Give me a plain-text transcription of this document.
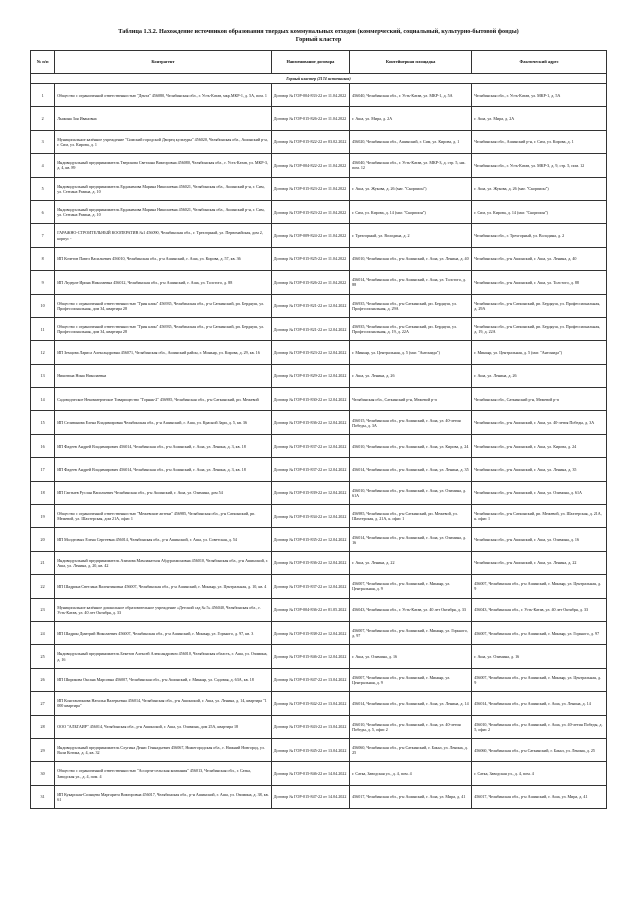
Таблица 1.3.2. Нахождение источников образования твердых коммунальных отходов (коммерческий, социальный, культурно-бытовой фонды)
Горный кластер
№ п/п	Контрагент	Наименование договора	Контейнерная площадка	Фактический адрес
Горный кластер (2174 источников)				
1	Общество с ограниченной ответственностью "Дента" 456080, Челябинская обл., г. Усть-Катав, мкр.МКР-1, д. 5А, пом. 1	Договор № ГОР-004-833-22 от 11.04.2022	456040, Челябинская обл., г. Усть-Катав, ул. МКР-1, д. 5А	Челябинская обл., г. Усть-Катав, ул. МКР-1, д. 5А
2	Лыжина Зоя Ивановна	Договор № ГОР-015-826-22 от 11.04.2022	г. Аша, ул. Мира, д. 2А	г. Аша, ул. Мира, д. 2А
3	Муниципальное казённое учреждение "Симский городской Дворец культуры" 456020, Челябинская обл., Ашинский р-н, г. Сим, ул. Кирова, д. 1	Договор № ГОР-015-822-22 от 03.02.2022	456020, Челябинская обл., Ашинский, г. Сим, ул. Кирова, д. 1	Челябинская обл., Ашинский р-н, г. Сим, ул. Кирова, д. 1
4	Индивидуальный предприниматель Тверскова Светлана Викторовна 456080, Челябинская обл., г. Усть-Катав, ул. МКР-3, д. 4, кв. 89	Договор № ГОР-004-822-22 от 11.04.2022	456040, Челябинская обл., г. Усть-Катав, ул. МКР-3, д. стр. 5, нж. пом. 12	Челябинская обл., г. Усть-Катав, ул. МКР-3, д. 9, стр. 5, пом. 12
5	Индивидуальный предприниматель Ердакимова Марина Николаевна 456021, Челябинская обл., Ашинский р-н, г. Сим, ул. Степана Разина, д. 10	Договор № ГОР-015-823-22 от 11.04.2022	г. Аша, ул. Жукова, д. 26 (маг. "Скорпион")	г. Аша, ул. Жукова, д. 26 (маг. "Скорпион")
6	Индивидуальный предприниматель Ердакимова Марина Николаевна 456021, Челябинская обл., Ашинский р-н, г. Сим, ул. Степана Разина, д. 10	Договор № ГОР-015-823-22 от 11.04.2022	г. Сим, ул. Кирова, д. 14 (маг. "Скорпион")	г. Сим, ул. Кирова, д. 14 (маг. "Скорпион")
7	ГАРАЖНО-СТРОИТЕЛЬНЫЙ КООПЕРАТИВ №1 456090, Челябинская обл., г. Трехгорный, ул. Первомайская, дом 2, корпус -	Договор № ГОР-009-824-22 от 11.04.2022	г. Трехгорный, ул. Володина, д. 2	Челябинская обл., г. Трехгорный, ул. Володина, д. 2
8	ИП Кочетов Павел Васильевич 456010, Челябинская обл., р-н Ашинский, г. Аша, ул. Кирова, д. 57, кв. 36	Договор № ГОР-015-825-22 от 11.04.2022	456010, Челябинская обл., р-н Ашинский, г. Аша, ул. Ленина, д. 40	Челябинская обл., р-н Ашинский, г. Аша, ул. Ленина, д. 40
9	ИП Ледерле Ирина Николаевна 456012, Челябинская обл., р-н Ашинский, г. Аша, ул. Толстого, д. 88	Договор № ГОР-015-826-22 от 11.04.2022	456014, Челябинская обл., р-н Ашинский, г. Аша, ул. Толстого, д. 88	Челябинская обл., р-н Ашинский, г. Аша, ул. Толстого, д. 88
10	Общество с ограниченной ответственностью "Грин клин" 456935, Челябинская обл., р-н Саткинский, рп. Бердяуш, ул. Профессиональная, дом 34, квартира 28	Договор № ГОР-015-821-22 от 12.04.2022	456935, Челябинская обл., р-н Саткинский, рп. Бердяуш, ул. Профессиональная, д. 29А	Челябинская обл., р-н Саткинский, рп. Бердяуш, ул. Профессиональная, д. 29А
11	Общество с ограниченной ответственностью "Грин клин" 456935, Челябинская обл., р-н Саткинский, рп. Бердяуш, ул. Профессиональная, дом 34, квартира 28	Договор № ГОР-015-821-22 от 12.04.2022	456935, Челябинская обл., р-н Саткинский, рп. Бердяуш, ул. Профессиональная, д. 19, д. 22А	Челябинская обл., р-н Саткинский, рп. Бердяуш, ул. Профессиональная, д. 19, д. 22А
12	ИП Земцова Лариса Александровна 456071, Челябинская обл., Ашинский район, г. Миньяр, ул. Кирова, д. 29, кв. 16	Договор № ГОР-015-823-22 от 12.04.2022	г. Миньяр, ул. Центральная, д. 5 (маг. "Антонида")	г. Миньяр, ул. Центральная, д. 5 (маг. "Антонида")
13	Никитина Нина Николаевна	Договор № ГОР-015-829-22 от 12.04.2022	г. Аша, ул. Ленина, д. 26	г. Аша, ул. Ленина, д. 26
14	Садоводческое Некоммерческое Товарищество "Горняк-2" 456985, Челябинская обл., р-н Саткинский, рп. Межевой	Договор № ГОР-015-830-22 от 12.04.2022	Челябинская обл., Саткинский р-н, Межевой р-п	Челябинская обл., Саткинский р-н, Межевой р-п
15	ИП Селиванова Елена Владимировна Челябинская обл., р-н Ашинский, г. Аша, ул. Красной Зари, д. 5, кв. 36	Договор № ГОР-015-836-22 от 12.04.2022	456015, Челябинская обл., р-н Ашинский, г. Аша, ул. 40-летия Победы, д. 3А	Челябинская обл., р-н Ашинский, г. Аша, ул. 40-летия Победы, д. 3А
16	ИП Фадеев Андрей Владимирович 456014, Челябинская обл., р-н Ашинский, г. Аша, ул. Ленина, д. 3, кв. 18	Договор № ГОР-015-837-22 от 12.04.2022	456010, Челябинская обл., р-н Ашинский, г. Аша, ул. Кирова, д. 24	Челябинская обл., р-н Ашинский, г. Аша, ул. Кирова, д. 24
17	ИП Фадеев Андрей Владимирович 456014, Челябинская обл., р-н Ашинский, г. Аша, ул. Ленина, д. 3, кв. 18	Договор № ГОР-015-837-22 от 12.04.2022	456014, Челябинская обл., р-н Ашинский, г. Аша, ул. Ленина, д. 35	Челябинская обл., р-н Ашинский, г. Аша, ул. Ленина, д. 35
18	ИП Гаптыев Руслан Васильевич Челябинская обл., р-н Ашинский, г. Аша, ул. Озимина, дом 54	Договор № ГОР-015-839-22 от 12.04.2022	456010, Челябинская обл., р-н Ашинский, г. Аша, ул. Озимина, д. 61А	Челябинская обл., р-н Ашинский, г. Аша, ул. Озимина, д. 61А
19	Общество с ограниченной ответственностью "Межевские аптеки" 456985, Челябинская обл., р-н Саткинский, рп. Межевой, ул. Шахтерская, дом 21А, офис 1	Договор № ГОР-015-834-22 от 12.04.2022	456985, Челябинская обл., р-н Саткинский, рп. Межевой, ул. Шахтерская, д. 21А, к. офис 1	Челябинская обл., р-н Саткинский, рп. Межевой, ул. Шахтерская, д. 21А, к. офис 1
20	ИП Молдтовых Елена Сергеевна 456014, Челябинская обл., р-н Ашинский, г. Аша, ул. Советская, д. 54	Договор № ГОР-015-835-22 от 12.04.2022	456014, Челябинская обл., р-н Ашинский, г. Аша, ул. Озимина, д. 16	Челябинская обл., р-н Ашинский, г. Аша, ул. Озимина, д. 16
21	Индивидуальный предприниматель Азимова Мамлакатхон Абдурахмоновна 456010, Челябинская обл., р-н Ашинский, г. Аша, ул. Ленина, д. 20, кв. 42	Договор № ГОР-015-836-22 от 12.04.2022	г. Аша, ул. Ленина, д. 22	Челябинская обл., р-н Ашинский, г. Аша, ул. Ленина, д. 22
22	ИП Шадрина Светлана Валентиновна 456007, Челябинская обл., р-н Ашинский, г. Миньяр, ул. Центральная, д. 10, кв. 4	Договор № ГОР-015-837-22 от 12.04.2022	456007, Челябинская обл., р-н Ашинский, г. Миньяр, ул. Центральная, д. 9	456007, Челябинская обл., р-н Ашинский, г. Миньяр, ул. Центральная, д. 9
23	Муниципальное казённое дошкольное образовательное учреждение «Детский сад № 5» 456040, Челябинская обл., г. Усть-Катав, ул. 40 лет Октября, д. 33	Договор № ГОР-004-836-22 от 01.05.2022	456043, Челябинская обл., г. Усть-Катав, ул. 40 лет Октября, д. 33	456043, Челябинская обл., г. Усть-Катав, ул. 40 лет Октября, д. 33
24	ИП Шадрин Дмитрий Николаевич 456007, Челябинская обл., р-н Ашинский, г. Миньяр, ул. Горького, д. 97, кв. 3	Договор № ГОР-015-838-22 от 12.04.2022	456007, Челябинская обл., р-н Ашинский, г. Миньяр, ул. Горького, д. 97	456007, Челябинская обл., р-н Ашинский, г. Миньяр, ул. Горького, д. 97
25	Индивидуальный предприниматель Бекетов Алексей Александрович 456010, Челябинская область, г. Аша, ул. Озимина, д. 16	Договор № ГОР-015-846-22 от 12.04.2022	г. Аша, ул. Озимина, д. 16	г. Аша, ул. Озимина, д. 16
26	ИП Широкова Оксана Марсовна 456007, Челябинская обл., р-н Ашинский, г. Миньяр, ул. Садовая, д. 63А, кв. 18	Договор № ГОР-015-847-22 от 13.04.2022	456007, Челябинская обл., р-н Ашинский, г. Миньяр, ул. Центральная, д. 9	456007, Челябинская обл., р-н Ашинский, г. Миньяр, ул. Центральная, д. 9
27	ИП Константинова Наталья Валерьевна 456014, Челябинская обл., р-н Ашинский, г. Аша, ул. Ленина, д. 14, квартира "1 000 квартира"	Договор № ГОР-015-842-22 от 13.04.2022	456014, Челябинская обл., р-н Ашинский, г. Аша, ул. Ленина, д. 14	456014, Челябинская обл., р-н Ашинский, г. Аша, ул. Ленина, д. 14
28	ООО "АЛЬТАИР" 456014, Челябинская обл., р-н Ашинский, г. Аша, ул. Озимина, дом 25А, квартира 18	Договор № ГОР-015-843-22 от 13.04.2022	456010, Челябинская обл., р-н Ашинский, г. Аша, ул. 40-летия Победы, д. 5, офис 2	456010, Челябинская обл., р-н Ашинский, г. Аша, ул. 40-летия Победы, д. 5, офис 2
29	Индивидуальный предприниматель Слугина Денис Геннадьевич 456067, Нижегородская обл., г. Нижний Новгород, ул. Вали Котика, д. 4, кв. 32	Договор № ГОР-015-845-22 от 13.04.2022	456060, Челябинская обл., р-н Саткинский, г. Бакал, ул. Ленина, д. 25	456060, Челябинская обл., р-н Саткинский, г. Бакал, ул. Ленина, д. 25
30	Общество с ограниченной ответственностью "Ассорти-сельская компания" 456013, Челябинская обл., г. Сатка, Заводская ул., д. 4, пом. 4	Договор № ГОР-015-846-22 от 14.04.2022	г. Сатка, Заводская ул., д. 4, пом. 4	г. Сатка, Заводская ул., д. 4, пом. 4
31	ИП Кукарская-Солнцева Маргарита Викторовна 456017, Челябинская обл., р-н Ашинский, г. Аша, ул. Озимина, д. 38, кв. 61	Договор № ГОР-015-847-22 от 14.04.2022	456017, Челябинская обл., р-н Ашинский, г. Аша, ул. Мира, д. 41	456017, Челябинская обл., р-н Ашинский, г. Аша, ул. Мира, д. 41
